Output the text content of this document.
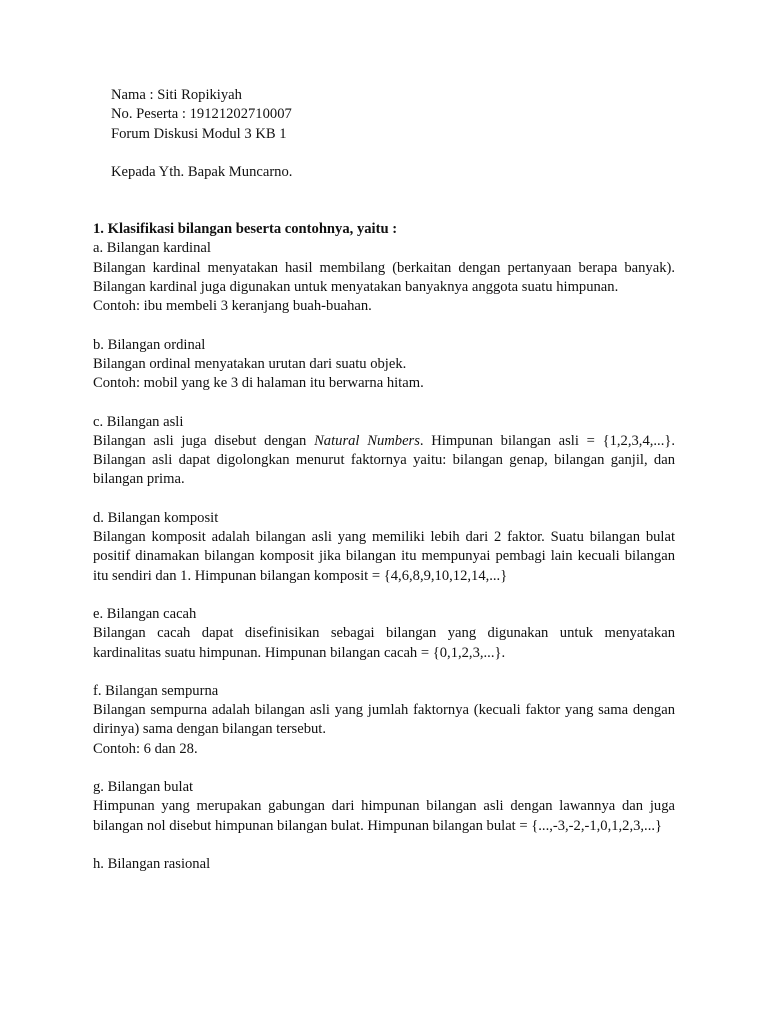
Nama : Siti Ropikiyah
No. Peserta : 19121202710007
Forum Diskusi Modul 3 KB 1
Kepada Yth. Bapak Muncarno.
1. Klasifikasi bilangan beserta contohnya, yaitu :
a. Bilangan kardinal
Bilangan kardinal menyatakan hasil membilang (berkaitan dengan pertanyaan berapa banyak). Bilangan kardinal juga digunakan untuk menyatakan banyaknya anggota suatu himpunan.
Contoh: ibu membeli 3 keranjang buah-buahan.
b. Bilangan ordinal
Bilangan ordinal menyatakan urutan dari suatu objek.
Contoh: mobil yang ke 3 di halaman itu berwarna hitam.
c. Bilangan asli
Bilangan asli juga disebut dengan Natural Numbers. Himpunan bilangan asli = {1,2,3,4,...}. Bilangan asli dapat digolongkan menurut faktornya yaitu: bilangan genap, bilangan ganjil, dan bilangan prima.
d. Bilangan komposit
Bilangan komposit adalah bilangan asli yang memiliki lebih dari 2 faktor. Suatu bilangan bulat positif dinamakan bilangan komposit jika bilangan itu mempunyai pembagi lain kecuali bilangan itu sendiri dan 1. Himpunan bilangan komposit = {4,6,8,9,10,12,14,...}
e. Bilangan cacah
Bilangan cacah dapat disefinisikan sebagai bilangan yang digunakan untuk menyatakan kardinalitas suatu himpunan. Himpunan bilangan cacah = {0,1,2,3,...}.
f. Bilangan sempurna
Bilangan sempurna adalah bilangan asli yang jumlah faktornya (kecuali faktor yang sama dengan dirinya) sama dengan bilangan tersebut.
Contoh: 6 dan 28.
g. Bilangan bulat
Himpunan yang merupakan gabungan dari himpunan bilangan asli dengan lawannya dan juga bilangan nol disebut himpunan bilangan bulat. Himpunan bilangan bulat = {...,-3,-2,-1,0,1,2,3,...}
h. Bilangan rasional
